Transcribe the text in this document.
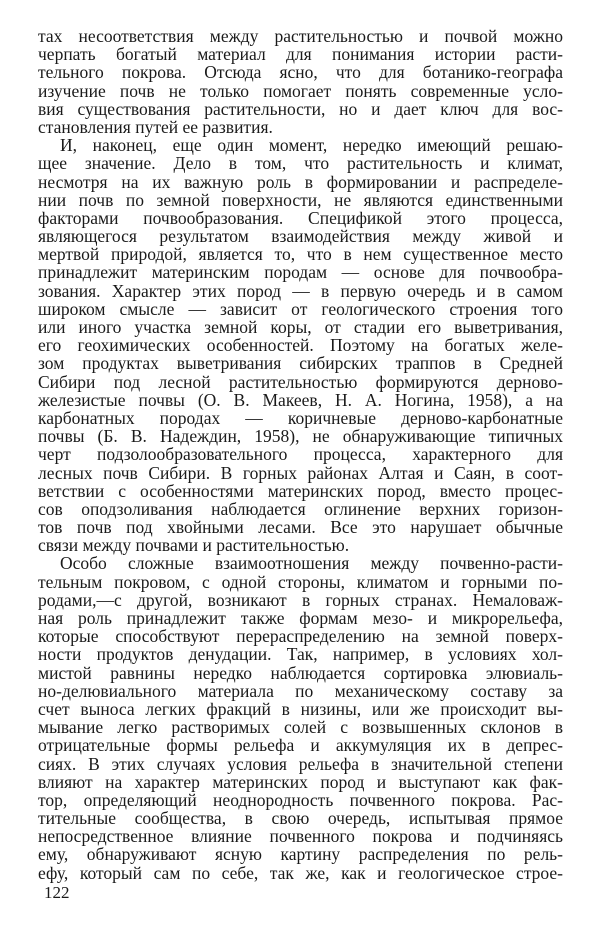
тах несоответствия между растительностью и почвой можно
черпать богатый материал для понимания истории расти-
тельного покрова. Отсюда ясно, что для ботанико-географа
изучение почв не только помогает понять современные усло-
вия существования растительности, но и дает ключ для вос-
становления путей ее развития.
И, наконец, еще один момент, нередко имеющий решаю-
щее значение. Дело в том, что растительность и климат,
несмотря на их важную роль в формировании и распределе-
нии почв по земной поверхности, не являются единственными
факторами почвообразования. Спецификой этого процесса,
являющегося результатом взаимодействия между живой и
мертвой природой, является то, что в нем существенное место
принадлежит материнским породам — основе для почвообра-
зования. Характер этих пород — в первую очередь и в самом
широком смысле — зависит от геологического строения того
или иного участка земной коры, от стадии его выветривания,
его геохимических особенностей. Поэтому на богатых желе-
зом продуктах выветривания сибирских траппов в Средней
Сибири под лесной растительностью формируются дерново-
железистые почвы (О. В. Макеев, Н. А. Ногина, 1958), а на
карбонатных породах — коричневые дерново-карбонатные
почвы (Б. В. Надеждин, 1958), не обнаруживающие типичных
черт подзолообразовательного процесса, характерного для
лесных почв Сибири. В горных районах Алтая и Саян, в соот-
ветствии с особенностями материнских пород, вместо процес-
сов оподзоливания наблюдается оглинение верхних горизон-
тов почв под хвойными лесами. Все это нарушает обычные
связи между почвами и растительностью.
Особо сложные взаимоотношения между почвенно-расти-
тельным покровом, с одной стороны, климатом и горными по-
родами,—с другой, возникают в горных странах. Немаловаж-
ная роль принадлежит также формам мезо- и микрорельефа,
которые способствуют перераспределению на земной поверх-
ности продуктов денудации. Так, например, в условиях хол-
мистой равнины нередко наблюдается сортировка элювиаль-
но-делювиального материала по механическому составу за
счет выноса легких фракций в низины, или же происходит вы-
мывание легко растворимых солей с возвышенных склонов в
отрицательные формы рельефа и аккумуляция их в депрес-
сиях. В этих случаях условия рельефа в значительной степени
влияют на характер материнских пород и выступают как фак-
тор, определяющий неоднородность почвенного покрова. Рас-
тительные сообщества, в свою очередь, испытывая прямое
непосредственное влияние почвенного покрова и подчиняясь
ему, обнаруживают ясную картину распределения по рель-
ефу, который сам по себе, так же, как и геологическое строе-
122
